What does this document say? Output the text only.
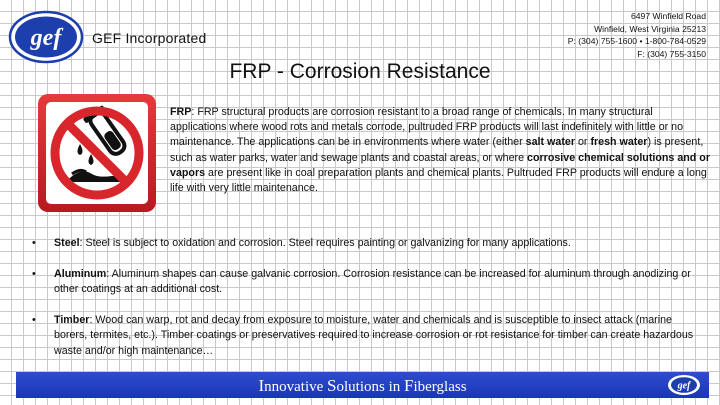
gef GEF Incorporated
6497 Winfield Road
Winfield, West Virginia 25213
P: (304) 755-1600 • 1-800-784-0529
F: (304) 755-3150
FRP - Corrosion Resistance
FRP: FRP structural products are corrosion resistant to a broad range of chemicals. In many structural applications where wood rots and metals corrode, pultruded FRP products will last indefinitely with little or no maintenance. The applications can be in environments where water (either salt water or fresh water) is present, such as water parks, water and sewage plants and coastal areas, or where corrosive chemical solutions and or vapors are present like in coal preparation plants and chemical plants. Pultruded FRP products will endure a long life with very little maintenance.
• Steel: Steel is subject to oxidation and corrosion. Steel requires painting or galvanizing for many applications.
• Aluminum: Aluminum shapes can cause galvanic corrosion. Corrosion resistance can be increased for aluminum through anodizing or other coatings at an additional cost.
• Timber: Wood can warp, rot and decay from exposure to moisture, water and chemicals and is susceptible to insect attack (marine borers, termites, etc.). Timber coatings or preservatives required to increase corrosion or rot resistance for timber can create hazardous waste and/or high maintenance…
Innovative Solutions in Fiberglass	gef
